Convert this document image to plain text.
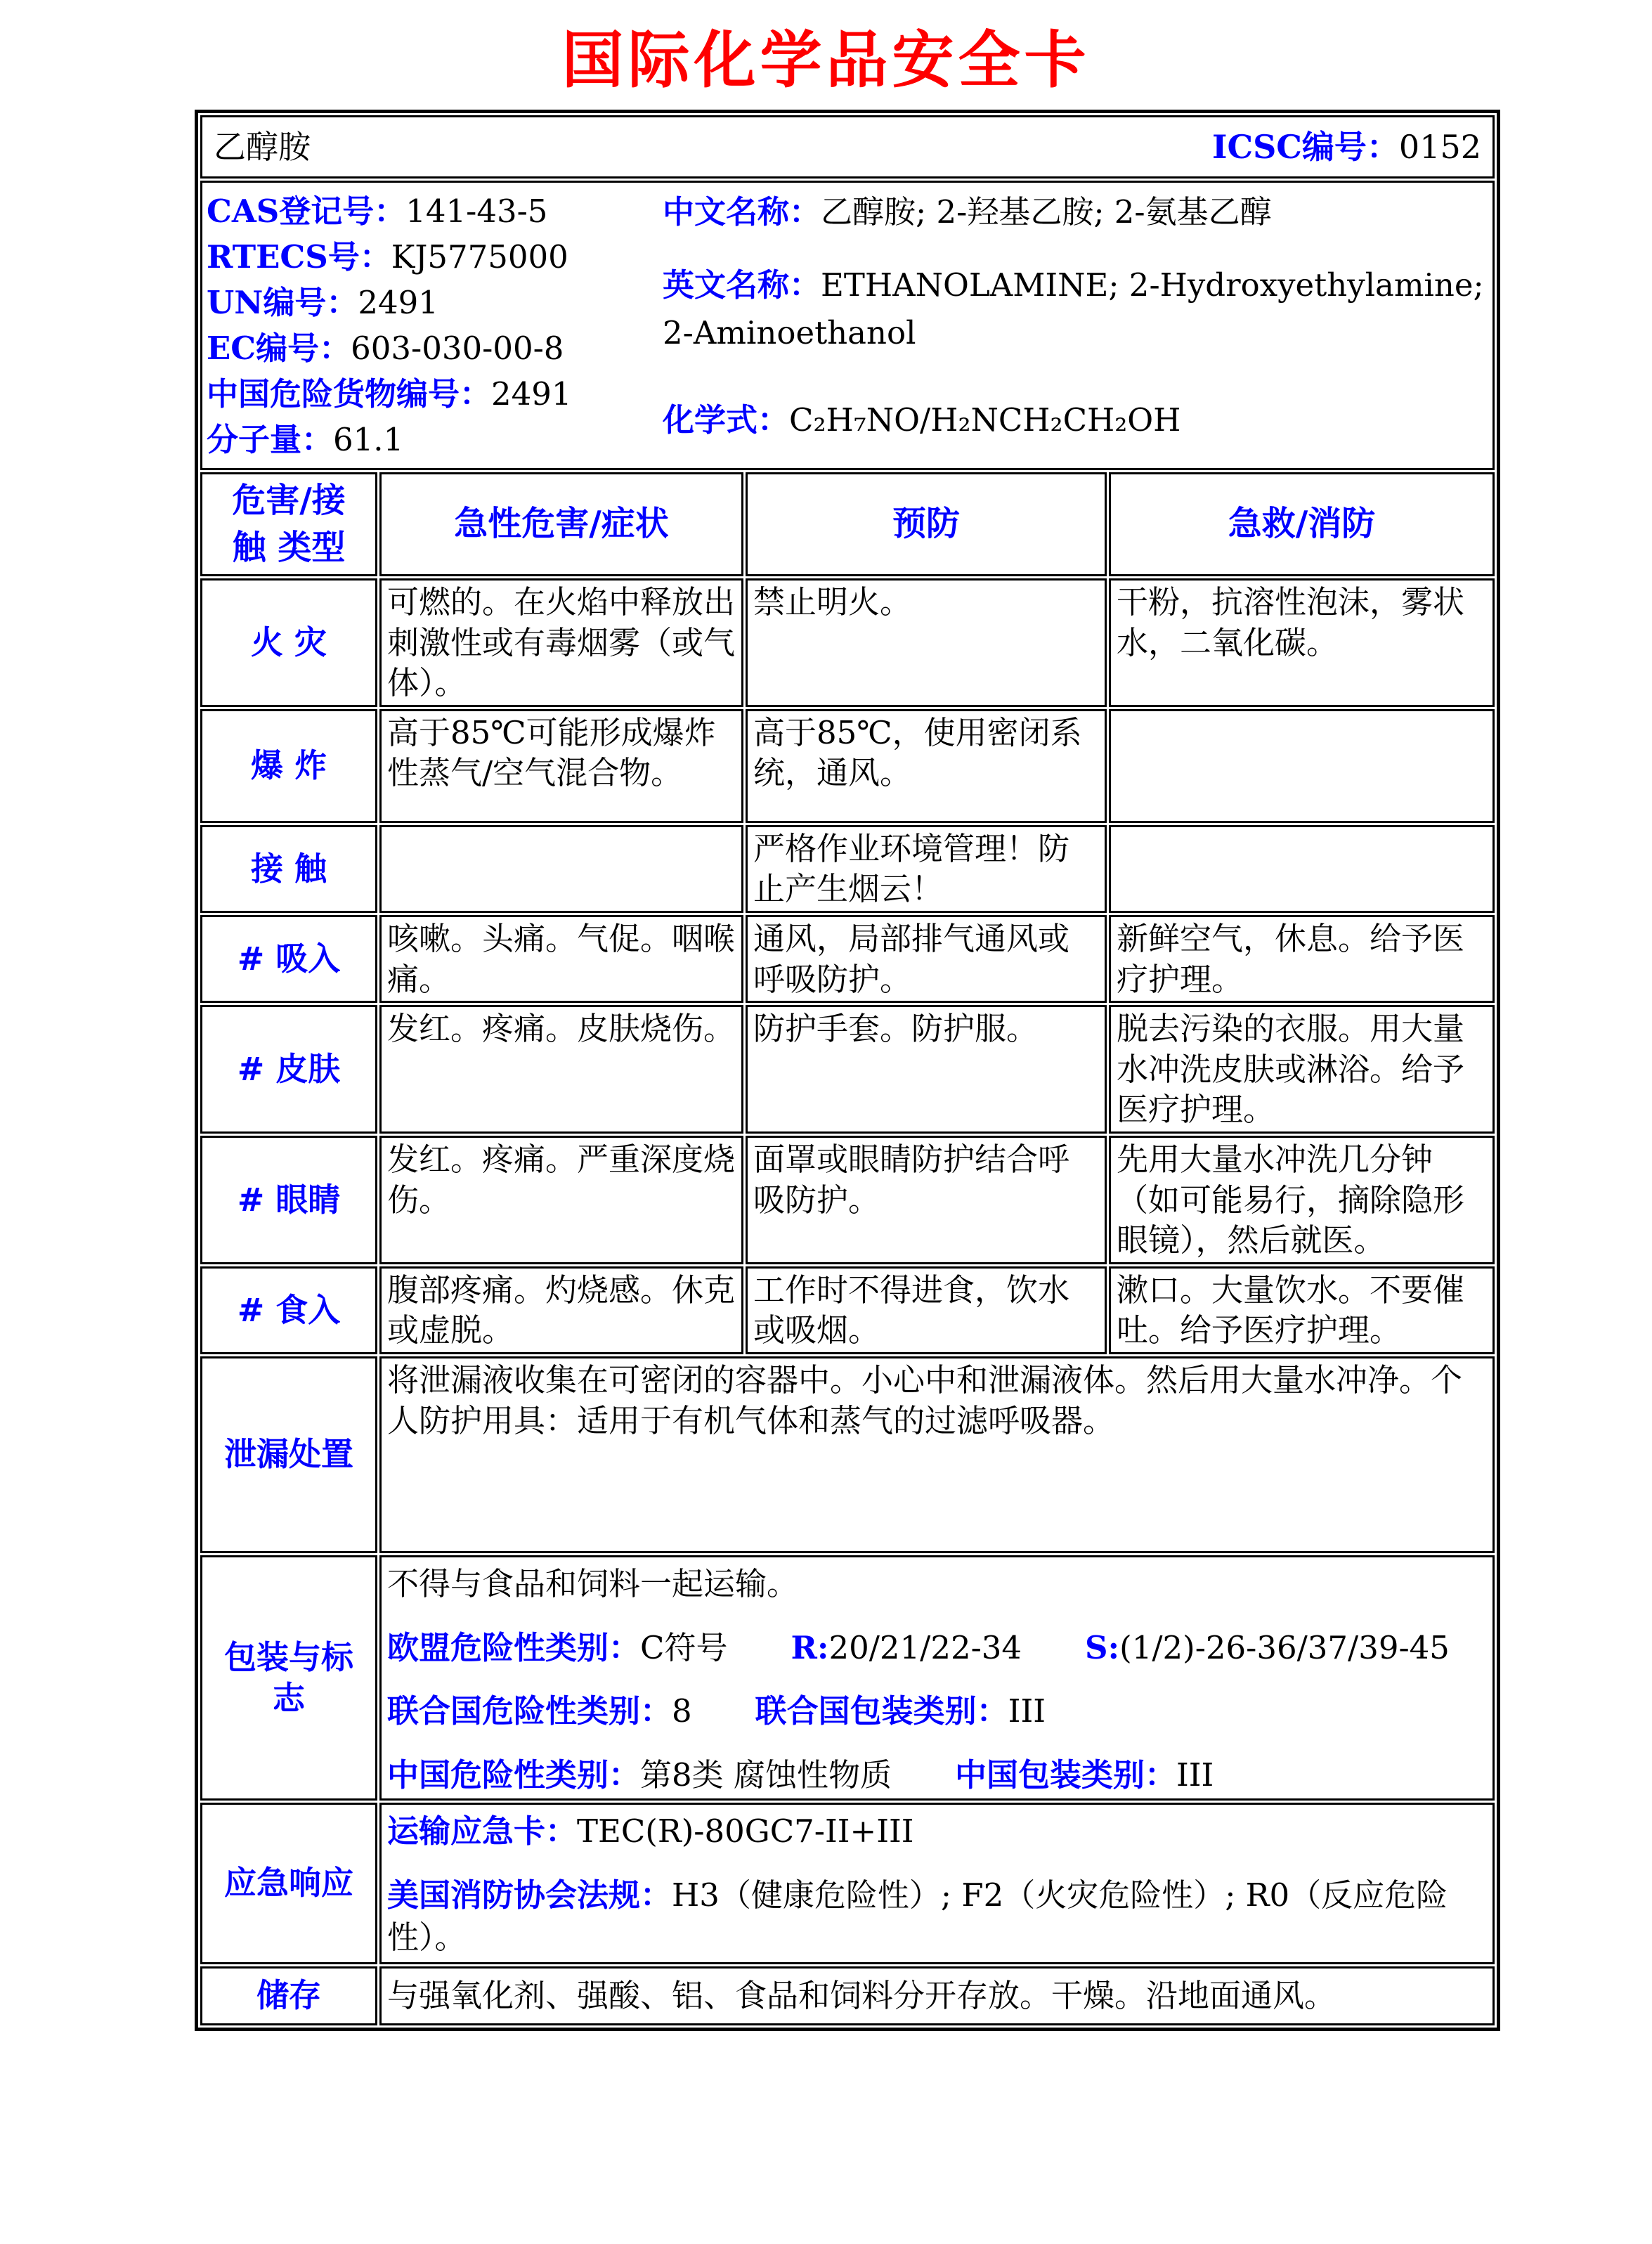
国际化学品安全卡
乙醇胺 ICSC编号：0152			

CAS登记号：141-43-5
RTECS号：KJ5775000
UN编号：2491
EC编号：603-030-00-8
中国危险货物编号：2491
分子量：61.1

中文名称：乙醇胺; 2-羟基乙胺; 2-氨基乙醇

英文名称：ETHANOLAMINE; 2-Hydroxyethylamine; 2-Aminoethanol

化学式：C₂H₇NO/H₂NCH₂CH₂OH

危害/接触 类型	急性危害/症状	预防	急救/消防
火 灾	可燃的。在火焰中释放出刺激性或有毒烟雾（或气体）。	禁止明火。	干粉，抗溶性泡沫，雾状水，二氧化碳。
爆 炸	高于85℃可能形成爆炸性蒸气/空气混合物。	高于85℃，使用密闭系统，通风。	
接 触		严格作业环境管理！防止产生烟云！	
# 吸入	咳嗽。头痛。气促。咽喉痛。	通风，局部排气通风或呼吸防护。	新鲜空气，休息。给予医疗护理。
# 皮肤	发红。疼痛。皮肤烧伤。	防护手套。防护服。	脱去污染的衣服。用大量水冲洗皮肤或淋浴。给予医疗护理。
# 眼睛	发红。疼痛。严重深度烧伤。	面罩或眼睛防护结合呼吸防护。	先用大量水冲洗几分钟（如可能易行，摘除隐形眼镜），然后就医。
# 食入	腹部疼痛。灼烧感。休克或虚脱。	工作时不得进食，饮水或吸烟。	漱口。大量饮水。不要催吐。给予医疗护理。
泄漏处置	将泄漏液收集在可密闭的容器中。小心中和泄漏液体。然后用大量水冲净。个人防护用具：适用于有机气体和蒸气的过滤呼吸器。		
包装与标志	不得与食品和饲料一起运输。
欧盟危险性类别：C符号　　R:20/21/22-34　　S:(1/2)-26-36/37/39-45
联合国危险性类别：8　　联合国包装类别：III
中国危险性类别：第8类 腐蚀性物质　　中国包装类别：III		

应急响应	运输应急卡：TEC(R)-80GC7-II+III
美国消防协会法规：H3（健康危险性）; F2（火灾危险性）; R0（反应危险性）。		

储存	与强氧化剂、强酸、铝、食品和饲料分开存放。干燥。沿地面通风。		
